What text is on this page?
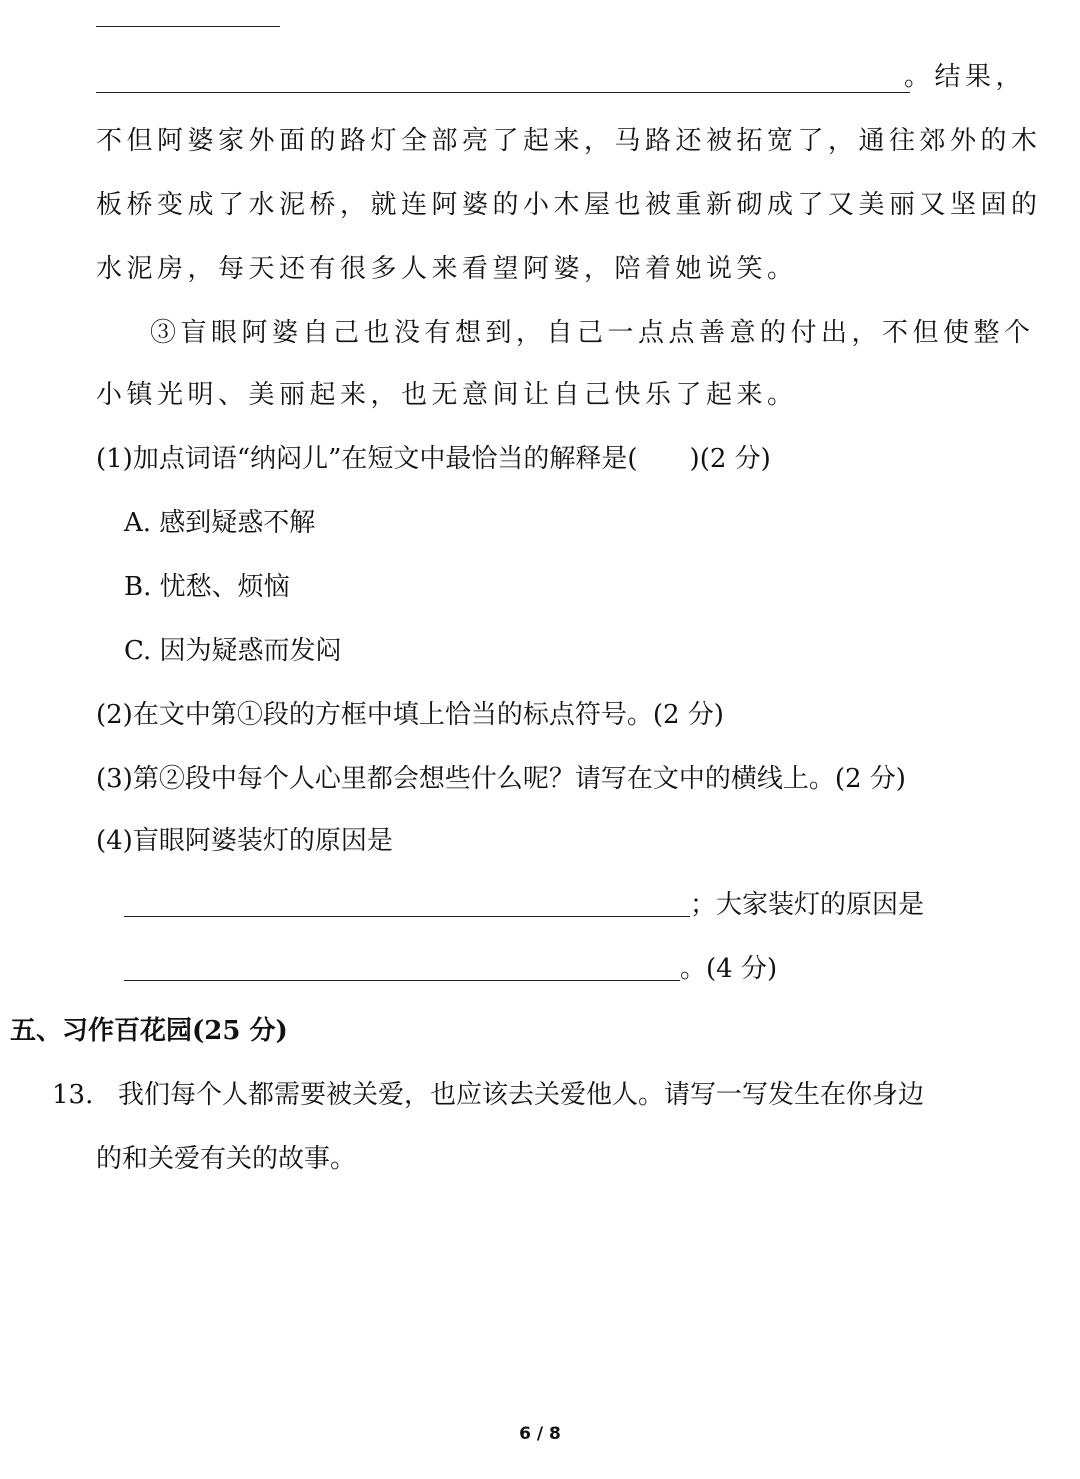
。结果，
不但阿婆家外面的路灯全部亮了起来，马路还被拓宽了，通往郊外的木
板桥变成了水泥桥，就连阿婆的小木屋也被重新砌成了又美丽又坚固的
水泥房，每天还有很多人来看望阿婆，陪着她说笑。
③盲眼阿婆自己也没有想到，自己一点点善意的付出，不但使整个
小镇光明、美丽起来，也无意间让自己快乐了起来。
(1)加点词语“纳闷儿”在短文中最恰当的解释是(　　)(2 分)
A. 感到疑惑不解
B. 忧愁、烦恼
C. 因为疑惑而发闷
(2)在文中第①段的方框中填上恰当的标点符号。(2 分)
(3)第②段中每个人心里都会想些什么呢？请写在文中的横线上。(2 分)
(4)盲眼阿婆装灯的原因是
；大家装灯的原因是
。(4 分)
五、习作百花园(25 分)
13. 我们每个人都需要被关爱，也应该去关爱他人。请写一写发生在你身边
的和关爱有关的故事。
6 / 8
